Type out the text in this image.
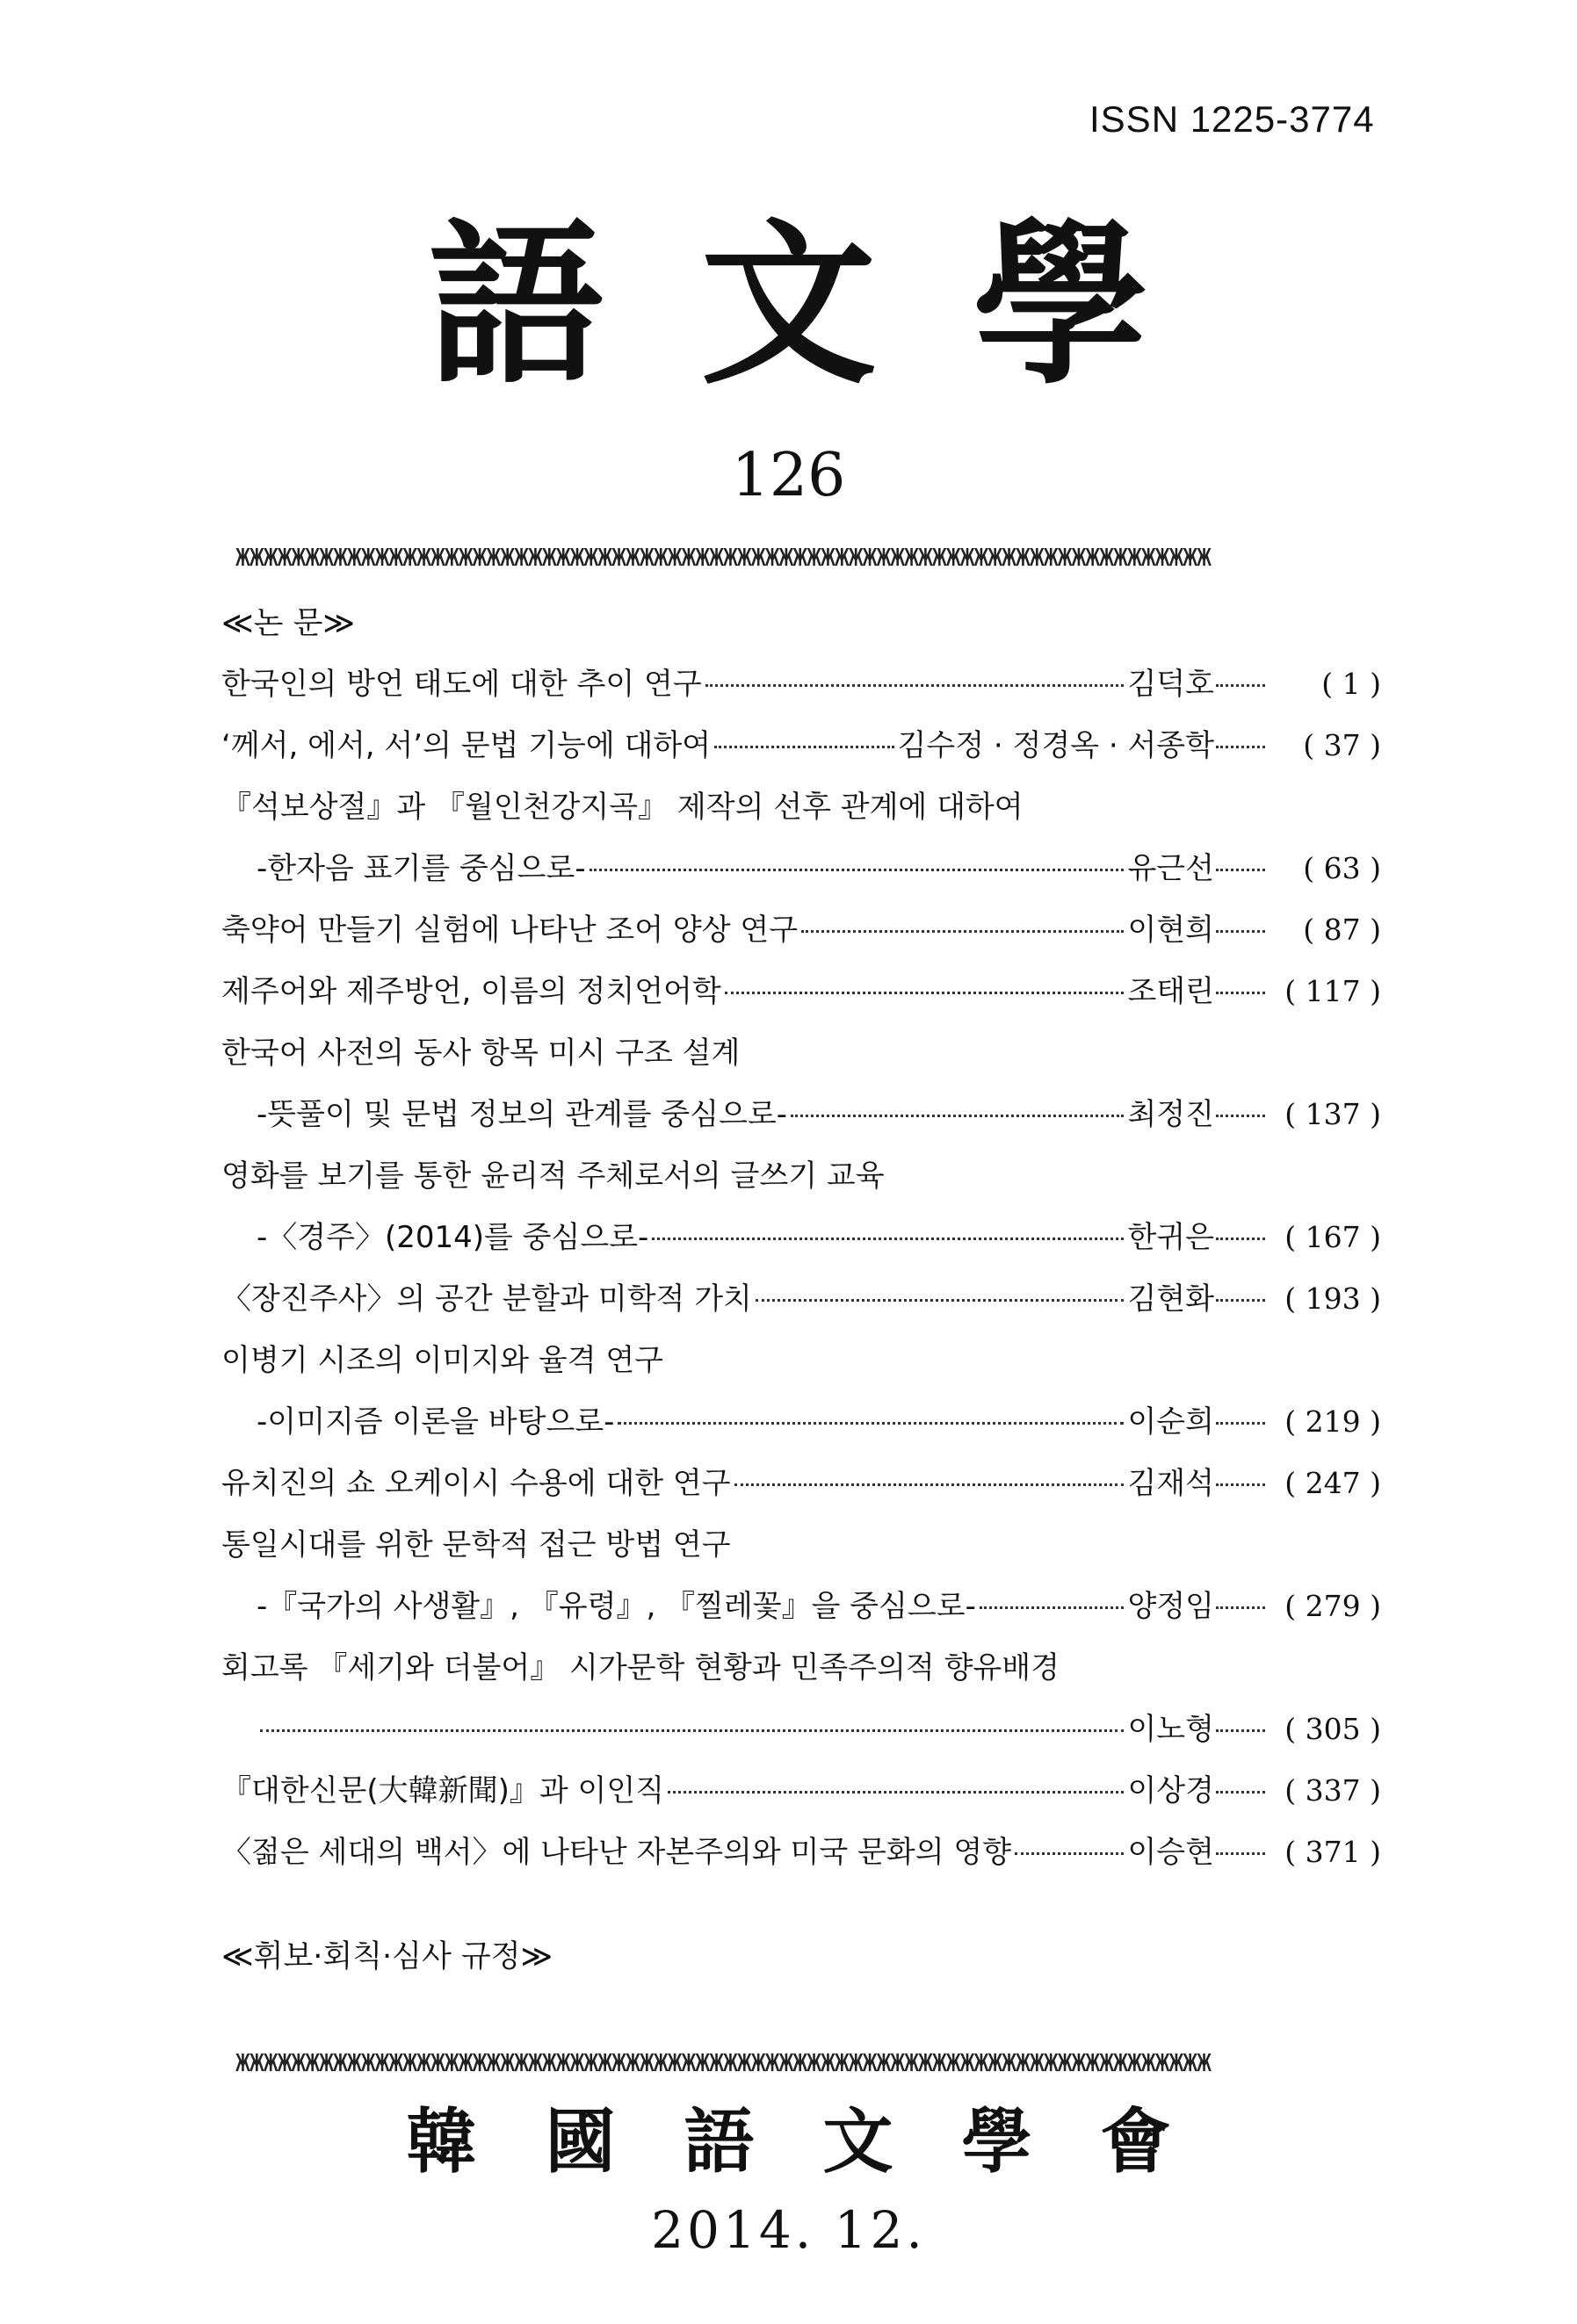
ISSN 1225-3774
語文學
126
ЖЖЖЖЖЖЖЖЖЖЖЖЖЖЖЖЖЖЖЖЖЖЖЖЖЖЖЖЖЖЖЖЖЖЖЖЖЖЖЖЖЖЖЖЖЖЖЖЖЖЖЖЖЖЖЖЖЖЖЖЖЖЖЖЖЖЖЖЖЖ
≪논 문≫
한국인의 방언 태도에 대한 추이 연구	김덕호	( 1 )
‘께서, 에서, 서’의 문법 기능에 대하여	김수정 · 정경옥 · 서종학	( 37 )
『석보상절』과 『월인천강지곡』 제작의 선후 관계에 대하여
-한자음 표기를 중심으로-	유근선	( 63 )
축약어 만들기 실험에 나타난 조어 양상 연구	이현희	( 87 )
제주어와 제주방언, 이름의 정치언어학	조태린	( 117 )
한국어 사전의 동사 항목 미시 구조 설계
-뜻풀이 및 문법 정보의 관계를 중심으로-	최정진	( 137 )
영화를 보기를 통한 윤리적 주체로서의 글쓰기 교육
-〈경주〉(2014)를 중심으로-	한귀은	( 167 )
〈장진주사〉의 공간 분할과 미학적 가치	김현화	( 193 )
이병기 시조의 이미지와 율격 연구
-이미지즘 이론을 바탕으로-	이순희	( 219 )
유치진의 쇼 오케이시 수용에 대한 연구	김재석	( 247 )
통일시대를 위한 문학적 접근 방법 연구
-『국가의 사생활』, 『유령』, 『찔레꽃』을 중심으로-	양정임	( 279 )
회고록 『세기와 더불어』 시가문학 현황과 민족주의적 향유배경
이노형	( 305 )
『대한신문(大韓新聞)』과 이인직	이상경	( 337 )
〈젊은 세대의 백서〉에 나타난 자본주의와 미국 문화의 영향	이승현	( 371 )
≪휘보·회칙·심사 규정≫
ЖЖЖЖЖЖЖЖЖЖЖЖЖЖЖЖЖЖЖЖЖЖЖЖЖЖЖЖЖЖЖЖЖЖЖЖЖЖЖЖЖЖЖЖЖЖЖЖЖЖЖЖЖЖЖЖЖЖЖЖЖЖЖЖЖЖЖЖЖЖ
韓國語文學會
2014. 12.
